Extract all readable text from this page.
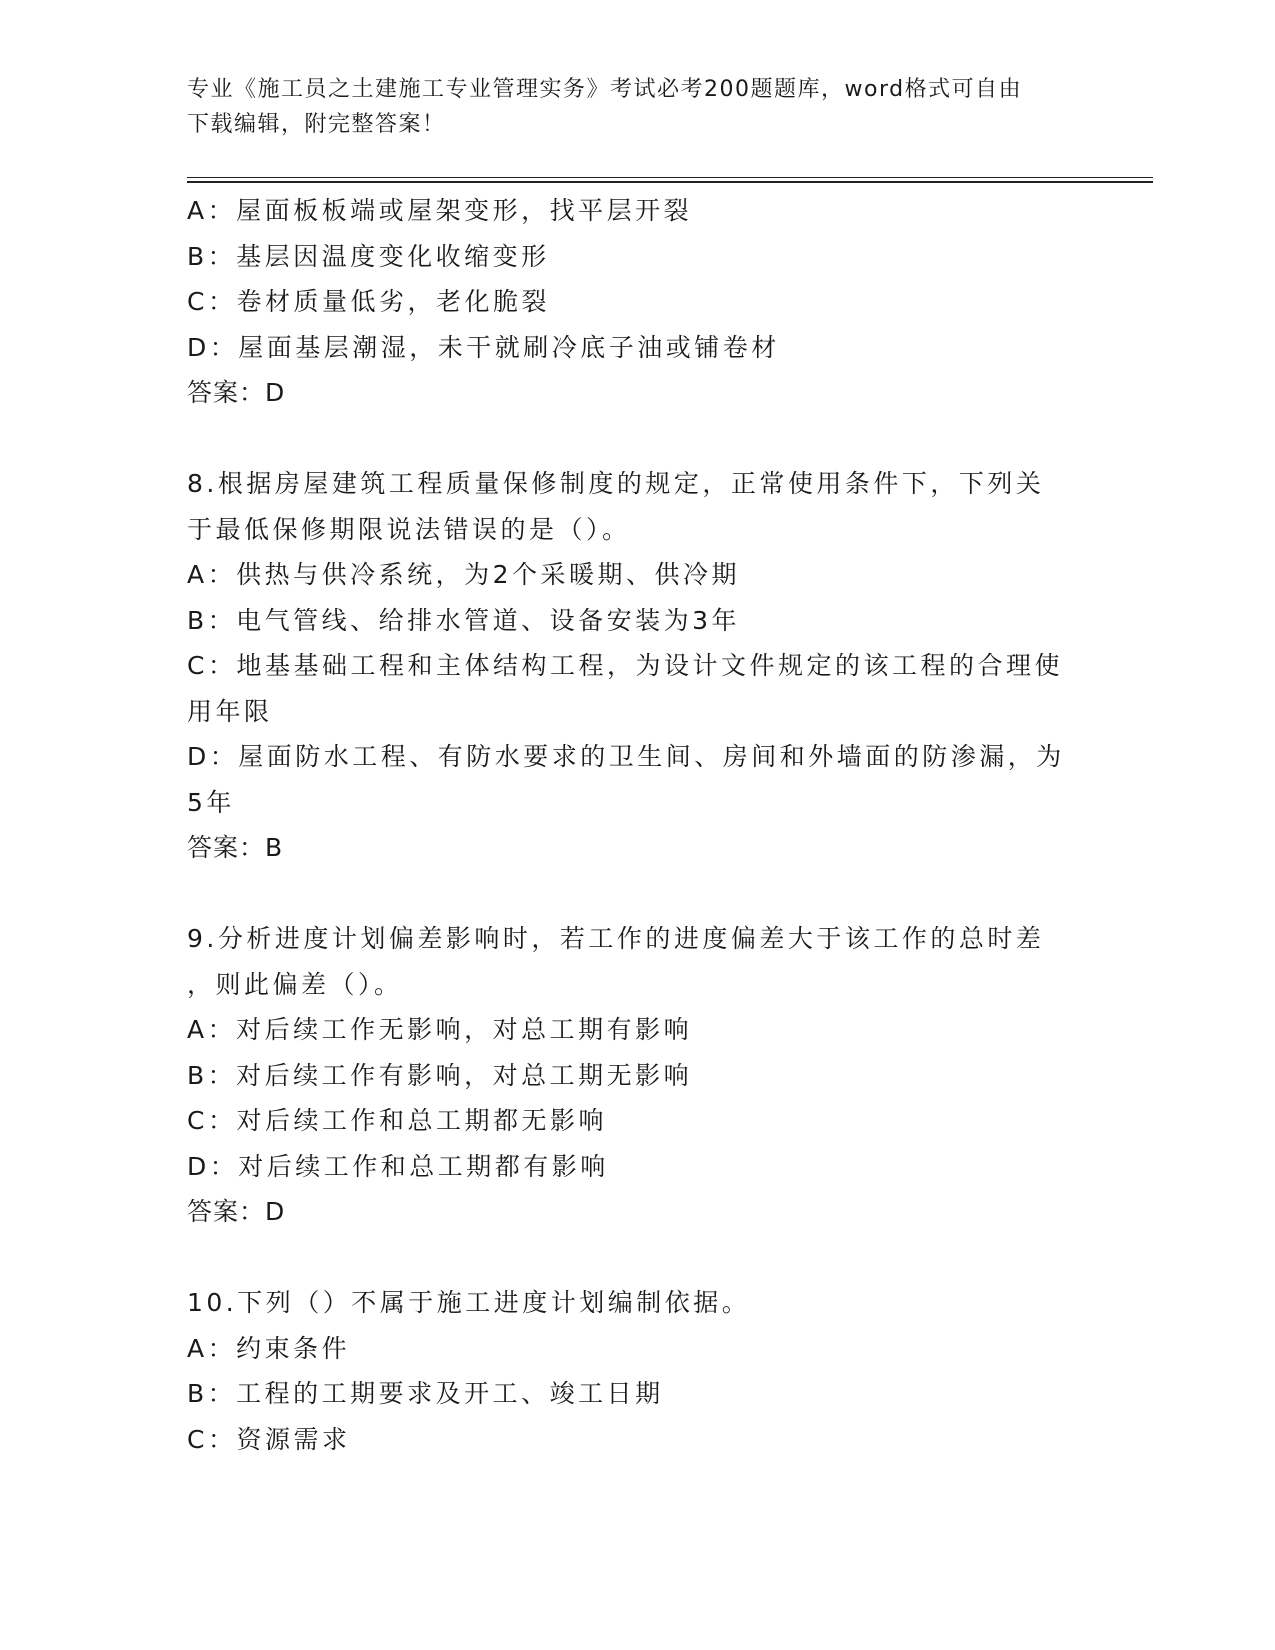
专业《施工员之土建施工专业管理实务》考试必考200题题库，word格式可自由

下载编辑，附完整答案！

A：屋面板板端或屋架变形，找平层开裂

B：基层因温度变化收缩变形

C：卷材质量低劣，老化脆裂

D：屋面基层潮湿，未干就刷冷底子油或铺卷材

答案：D

8.根据房屋建筑工程质量保修制度的规定，正常使用条件下，下列关

于最低保修期限说法错误的是（）。

A：供热与供冷系统，为2个采暖期、供冷期

B：电气管线、给排水管道、设备安装为3年

C：地基基础工程和主体结构工程，为设计文件规定的该工程的合理使

用年限

D：屋面防水工程、有防水要求的卫生间、房间和外墙面的防渗漏，为

5年

答案：B

9.分析进度计划偏差影响时，若工作的进度偏差大于该工作的总时差

，则此偏差（）。

A：对后续工作无影响，对总工期有影响

B：对后续工作有影响，对总工期无影响

C：对后续工作和总工期都无影响

D：对后续工作和总工期都有影响

答案：D

10.下列（）不属于施工进度计划编制依据。

A：约束条件

B：工程的工期要求及开工、竣工日期

C：资源需求
